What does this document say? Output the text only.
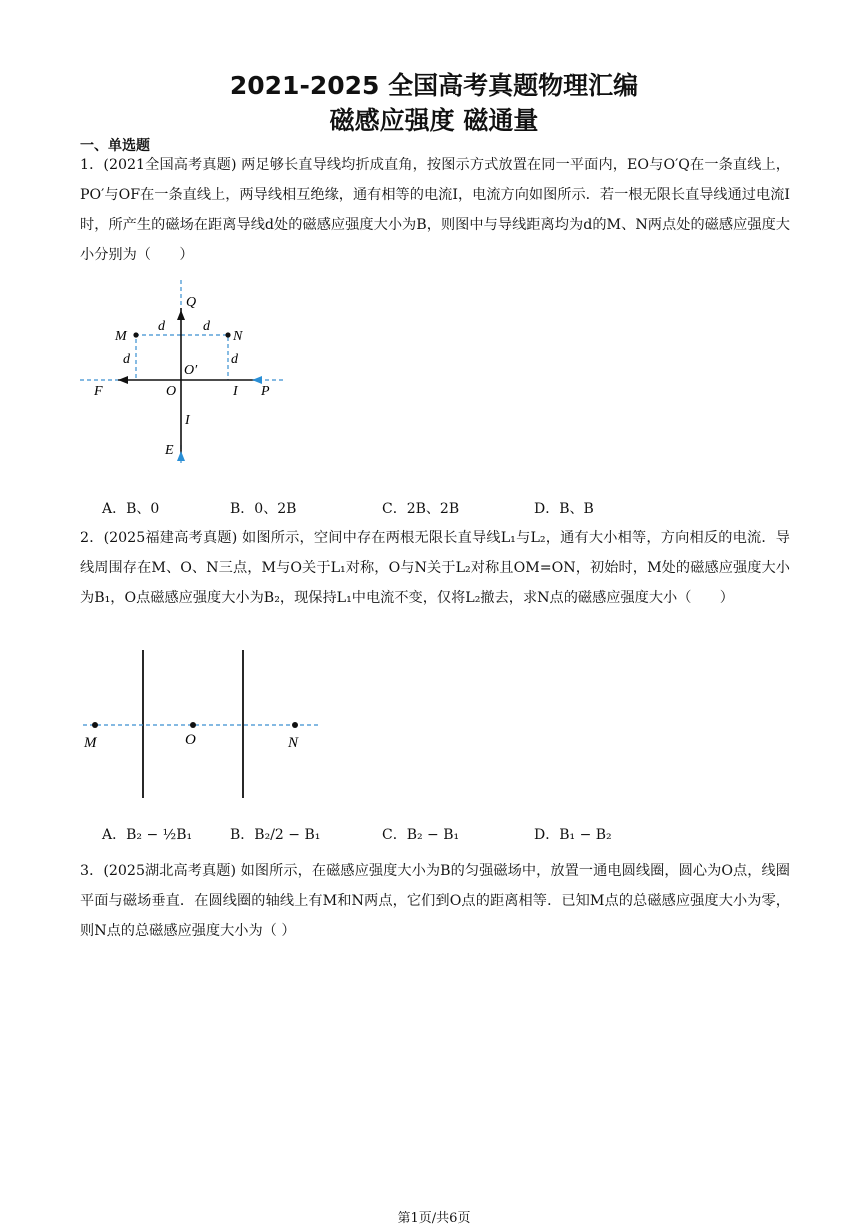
2021-2025 全国高考真题物理汇编
磁感应强度 磁通量
一、单选题
1．(2021全国高考真题) 两足够长直导线均折成直角，按图示方式放置在同一平面内，EO与O′Q在一条直线上，PO′与OF在一条直线上，两导线相互绝缘，通有相等的电流I，电流方向如图所示．若一根无限长直导线通过电流I时，所产生的磁场在距离导线d处的磁感应强度大小为B，则图中与导线距离均为d的M、N两点处的磁感应强度大小分别为（　　）
Q
M	N
d	d
d	d
O′
O
F	I P
I
E
A．B、0	B．0、2B	C．2B、2B	D．B、B
2．(2025福建高考真题) 如图所示，空间中存在两根无限长直导线L₁与L₂，通有大小相等，方向相反的电流．导线周围存在M、O、N三点，M与O关于L₁对称，O与N关于L₂对称且OM=ON，初始时，M处的磁感应强度大小为B₁，O点磁感应强度大小为B₂，现保持L₁中电流不变，仅将L₂撤去，求N点的磁感应强度大小（　　）
M	O	N
A．B₂ − ½B₁	B．B₂/2 − B₁	C．B₂ − B₁	D．B₁ − B₂
3．(2025湖北高考真题) 如图所示，在磁感应强度大小为B的匀强磁场中，放置一通电圆线圈，圆心为O点，线圈平面与磁场垂直．在圆线圈的轴线上有M和N两点，它们到O点的距离相等．已知M点的总磁感应强度大小为零，则N点的总磁感应强度大小为（ ）
第1页/共6页
